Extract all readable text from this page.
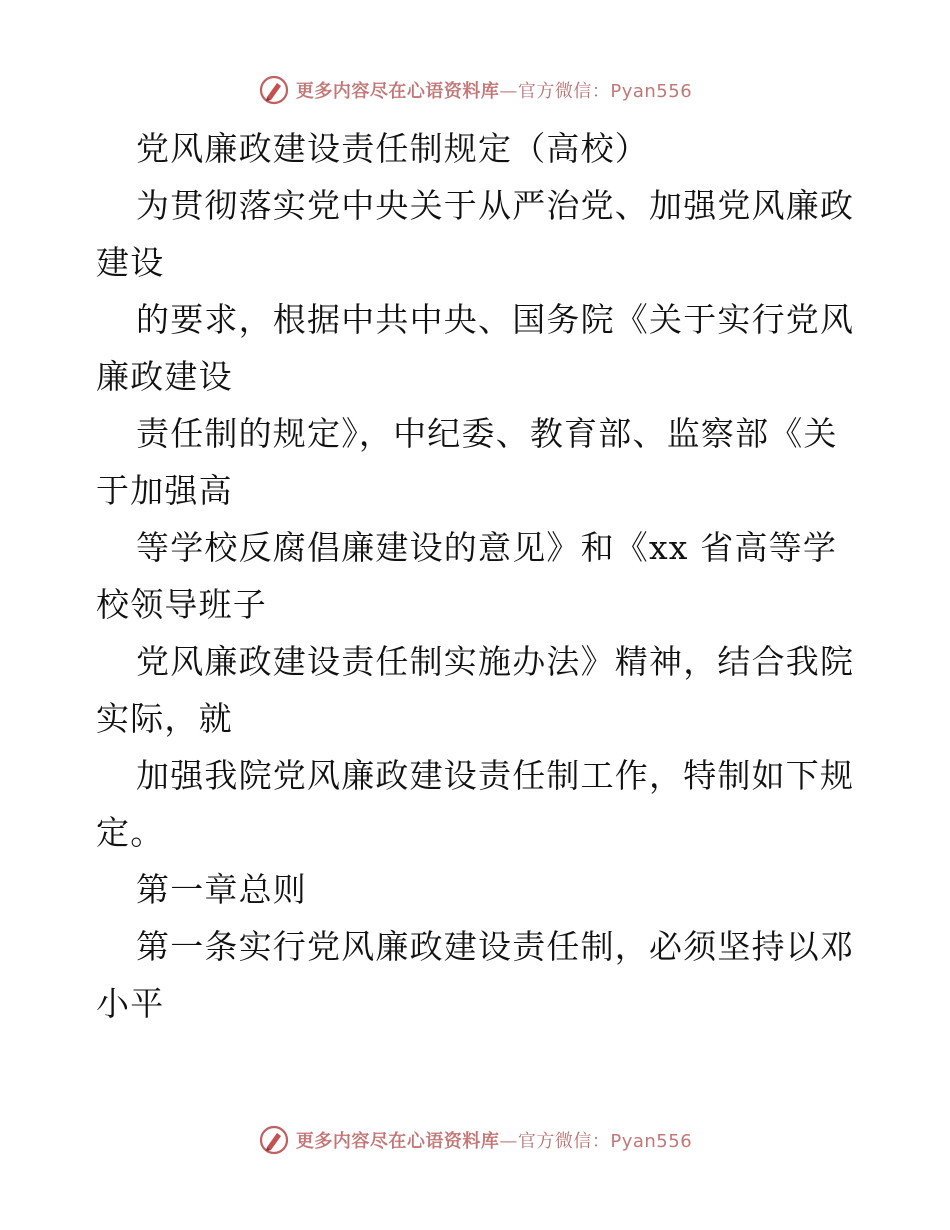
更多内容尽在心语资料库—官方微信：Pyan556
党风廉政建设责任制规定（高校）
为贯彻落实党中央关于从严治党、加强党风廉政
建设
的要求，根据中共中央、国务院《关于实行党风
廉政建设
责任制的规定》，中纪委、教育部、监察部《关
于加强高
等学校反腐倡廉建设的意见》和《xx 省高等学
校领导班子
党风廉政建设责任制实施办法》精神，结合我院
实际，就
加强我院党风廉政建设责任制工作，特制如下规
定。
第一章总则
第一条实行党风廉政建设责任制，必须坚持以邓
小平
更多内容尽在心语资料库—官方微信：Pyan556
